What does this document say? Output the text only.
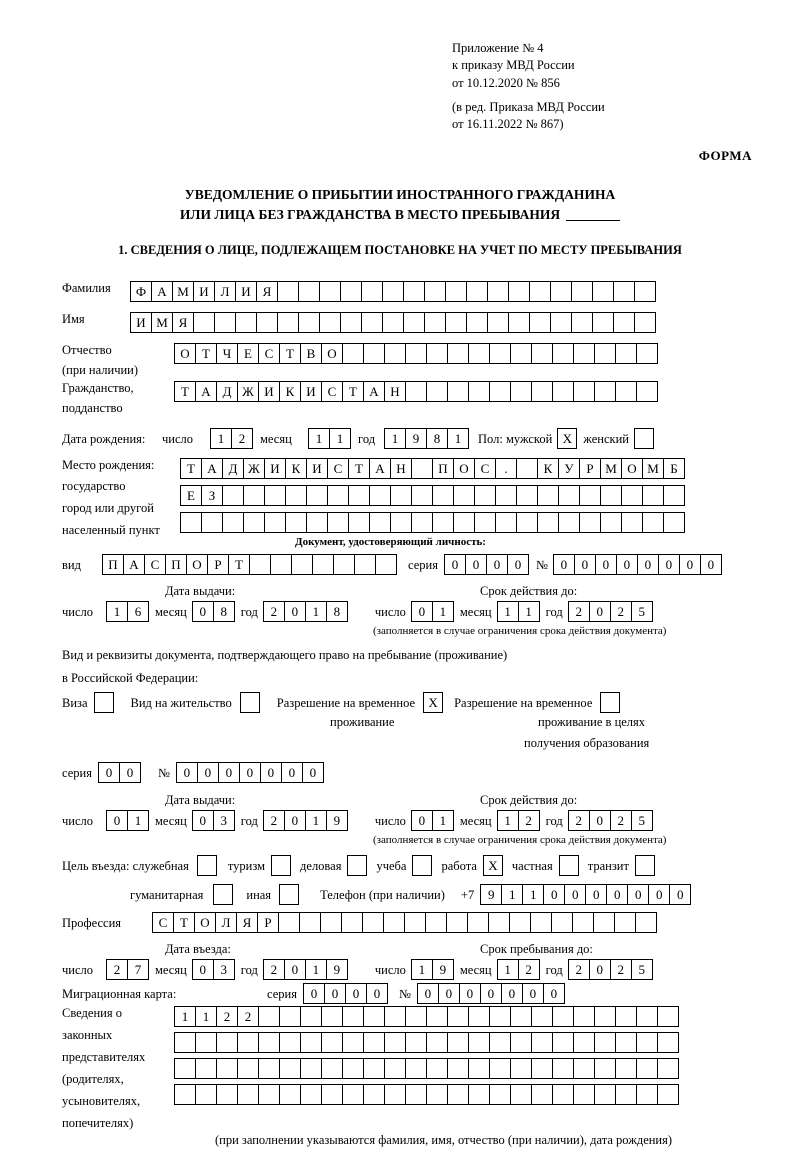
Приложение № 4
к приказу МВД России
от 10.12.2020 № 856
(в ред. Приказа МВД России
от 16.11.2022 № 867)
ФОРМА
УВЕДОМЛЕНИЕ О ПРИБЫТИИ ИНОСТРАННОГО ГРАЖДАНИНА
ИЛИ ЛИЦА БЕЗ ГРАЖДАНСТВА В МЕСТО ПРЕБЫВАНИЯ
1. СВЕДЕНИЯ О ЛИЦЕ, ПОДЛЕЖАЩЕМ ПОСТАНОВКЕ НА УЧЕТ ПО МЕСТУ ПРЕБЫВАНИЯ
Фамилия	Ф А М И Л И Я
Имя	И М Я
Отчество
(при наличии)
О Т Ч Е С Т В О
Гражданство,
подданство
Т А Д Ж И К И С Т А Н
Дата рождения:	число	1	2	месяц	1	1	год	1	9	8	1	Пол: мужской X женский
Место рождения:
государство
город или другой
населенный пункт
Т А Д Ж И К И С Т А Н	П О С	.	К У Р М О М Б
Е	З
Документ, удостоверяющий личность:
вид	П А С П О Р	Т	серия	0	0	0	0	№ 0	0	0	0	0	0	0	0
Дата выдачи:	Срок действия до:
число	1	6	месяц 0	8	год 2	0	1	8	число 0	1	месяц 1	1	год 2	0	2	5
(заполняется в случае ограничения срока действия документа)
Вид и реквизиты документа, подтверждающего право на пребывание (проживание)
в Российской Федерации:
Виза	Вид на жительство	Разрешение на временное	X	Разрешение на временное
проживание	проживание в целях
получения образования
серия	0	0	№	0	0	0	0	0	0	0
Дата выдачи:	Срок действия до:
число	0	1	месяц 0	3	год 2	0	1	9	число 0	1	месяц 1	2	год 2	0	2	5
(заполняется в случае ограничения срока действия документа)
Цель въезда: служебная	туризм	деловая	учеба	работа X	частная	транзит
гуманитарная	иная	Телефон (при наличии) +7	9	1	1	0	0	0	0	0	0	0
Профессия	С Т О Л Я	Р
Дата въезда:	Срок пребывания до:
число	2	7	месяц 0	3	год 2	0	1	9	число 1	9	месяц 1	2	год 2	0	2	5
Миграционная карта:	серия	0	0	0	0	№	0	0	0	0	0	0	0
Сведения о
законных
представителях
(родителях,
усыновителях,
попечителях)
1	1	2	2
(при заполнении указываются фамилия, имя, отчество (при наличии), дата рождения)
